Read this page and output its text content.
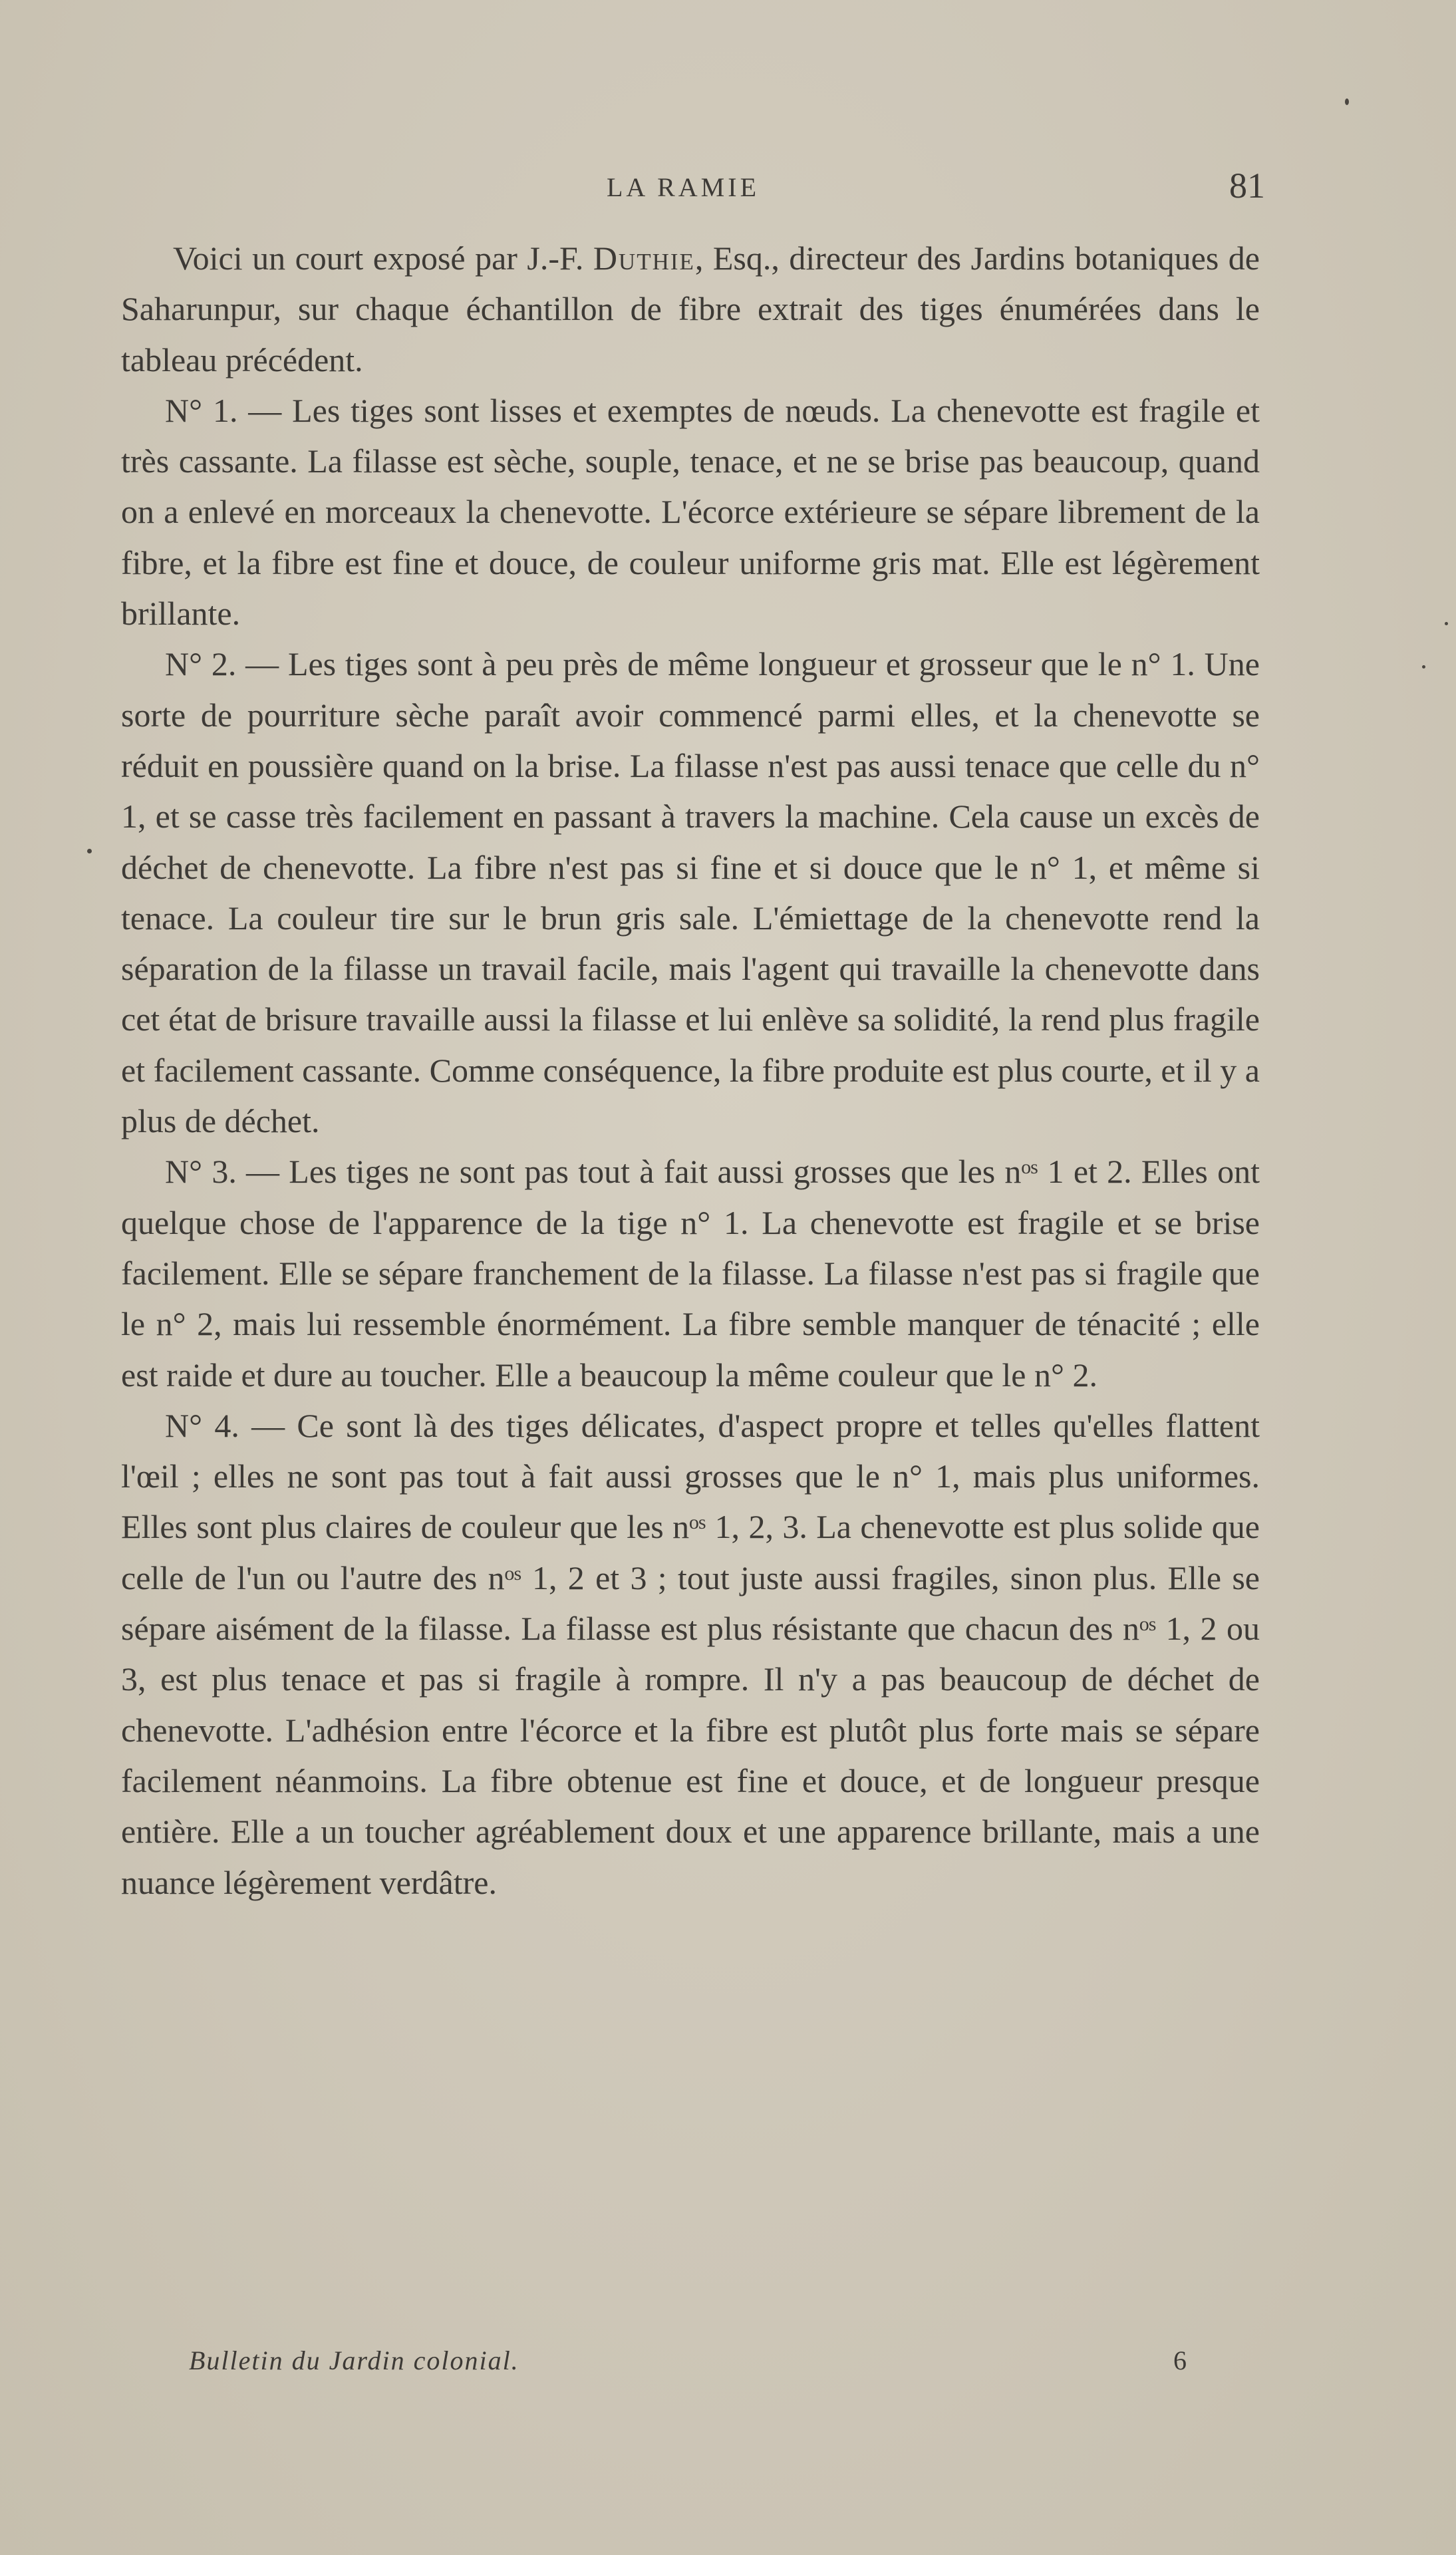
LA RAMIE	81

Voici un court exposé par J.-F. Duthie, Esq., directeur des Jardins botaniques de Saharunpur, sur chaque échantillon de fibre extrait des tiges énumérées dans le tableau précédent.

N° 1. — Les tiges sont lisses et exemptes de nœuds. La chenevotte est fragile et très cassante. La filasse est sèche, souple, tenace, et ne se brise pas beaucoup, quand on a enlevé en morceaux la chenevotte. L'écorce extérieure se sépare librement de la fibre, et la fibre est fine et douce, de couleur uniforme gris mat. Elle est légèrement brillante.

N° 2. — Les tiges sont à peu près de même longueur et grosseur que le n° 1. Une sorte de pourriture sèche paraît avoir commencé parmi elles, et la chenevotte se réduit en poussière quand on la brise. La filasse n'est pas aussi tenace que celle du n° 1, et se casse très facilement en passant à travers la machine. Cela cause un excès de déchet de chenevotte. La fibre n'est pas si fine et si douce que le n° 1, et même si tenace. La couleur tire sur le brun gris sale. L'émiettage de la chenevotte rend la séparation de la filasse un travail facile, mais l'agent qui travaille la chenevotte dans cet état de brisure travaille aussi la filasse et lui enlève sa solidité, la rend plus fragile et facilement cassante. Comme conséquence, la fibre produite est plus courte, et il y a plus de déchet.

N° 3. — Les tiges ne sont pas tout à fait aussi grosses que les nᵒˢ 1 et 2. Elles ont quelque chose de l'apparence de la tige n° 1. La chenevotte est fragile et se brise facilement. Elle se sépare franchement de la filasse. La filasse n'est pas si fragile que le n° 2, mais lui ressemble énormément. La fibre semble manquer de ténacité ; elle est raide et dure au toucher. Elle a beaucoup la même couleur que le n° 2.

N° 4. — Ce sont là des tiges délicates, d'aspect propre et telles qu'elles flattent l'œil ; elles ne sont pas tout à fait aussi grosses que le n° 1, mais plus uniformes. Elles sont plus claires de couleur que les nᵒˢ 1, 2, 3. La chenevotte est plus solide que celle de l'un ou l'autre des nᵒˢ 1, 2 et 3 ; tout juste aussi fragiles, sinon plus. Elle se sépare aisément de la filasse. La filasse est plus résistante que chacun des nᵒˢ 1, 2 ou 3, est plus tenace et pas si fragile à rompre. Il n'y a pas beaucoup de déchet de chenevotte. L'adhésion entre l'écorce et la fibre est plutôt plus forte mais se sépare facilement néanmoins. La fibre obtenue est fine et douce, et de longueur presque entière. Elle a un toucher agréablement doux et une apparence brillante, mais a une nuance légèrement verdâtre.

Bulletin du Jardin colonial.	6
